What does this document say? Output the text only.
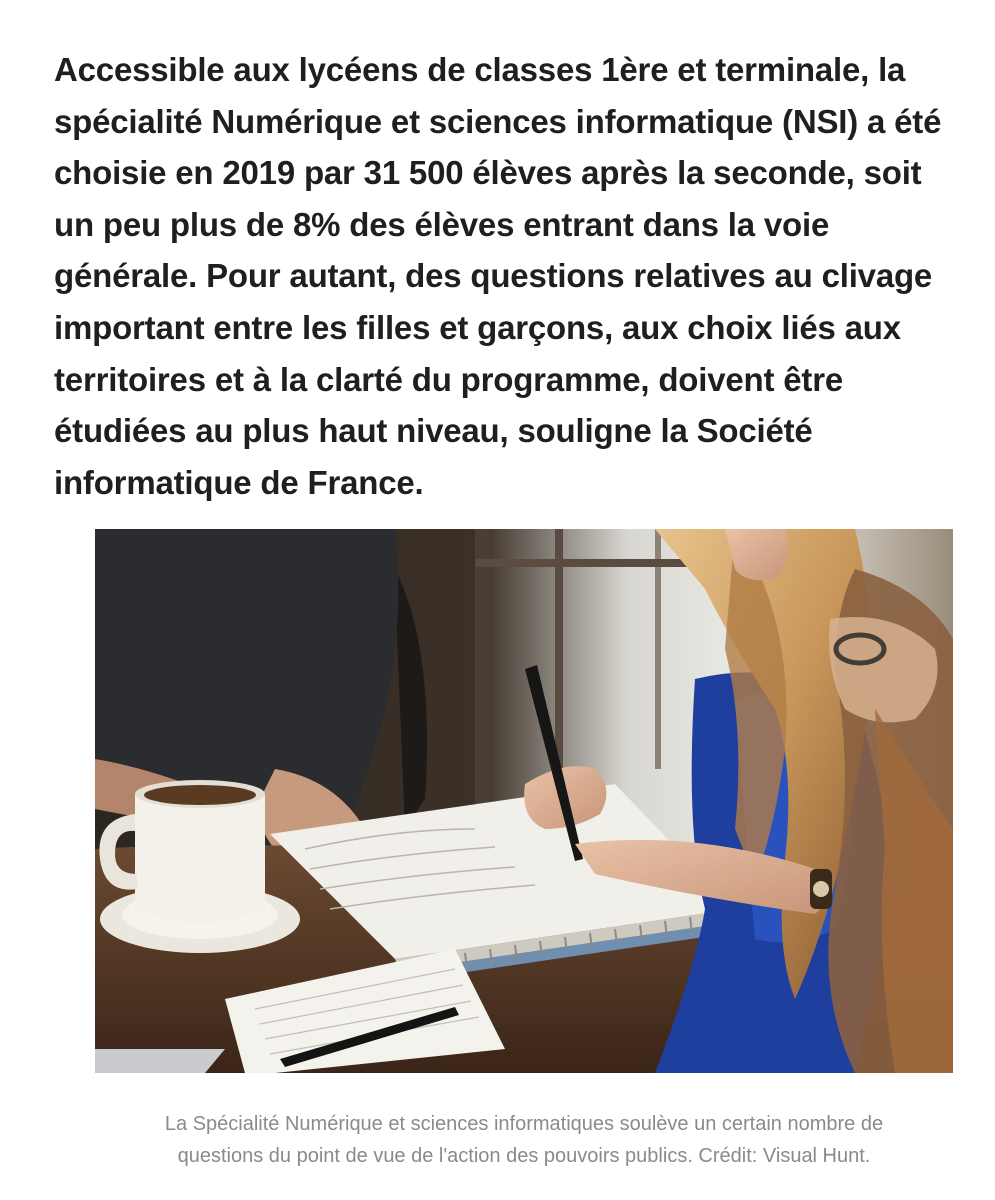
Accessible aux lycéens de classes 1ère et terminale, la
spécialité Numérique et sciences informatique (NSI) a été
choisie en 2019 par 31 500 élèves après la seconde, soit
un peu plus de 8% des élèves entrant dans la voie
générale. Pour autant, des questions relatives au clivage
important entre les filles et garçons, aux choix liés aux
territoires et à la clarté du programme, doivent être
étudiées au plus haut niveau, souligne la Société
informatique de France.

La Spécialité Numérique et sciences informatiques soulève un certain nombre de
questions du point de vue de l'action des pouvoirs publics. Crédit: Visual Hunt.
